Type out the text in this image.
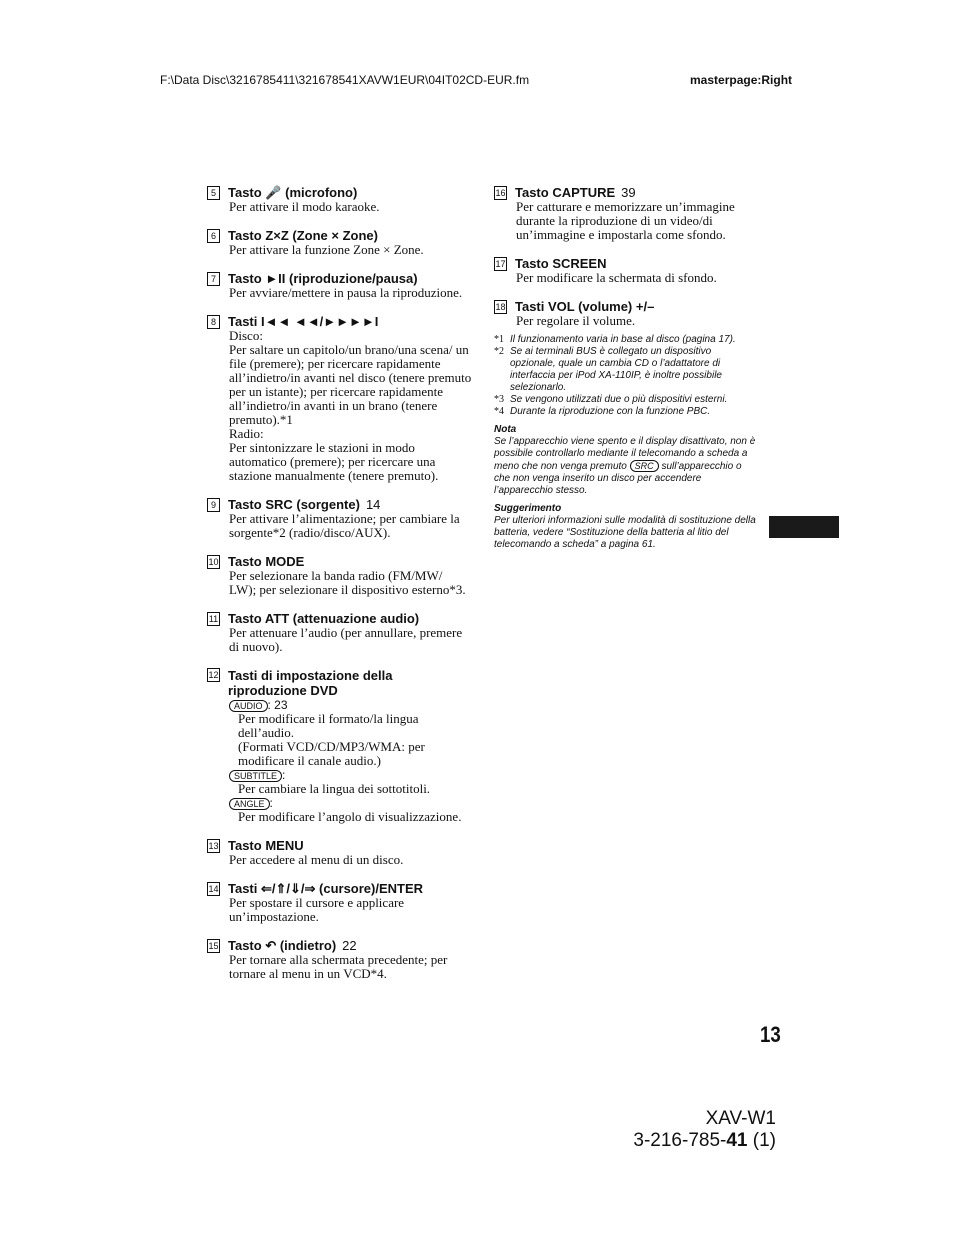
F:\Data Disc\3216785411\321678541XAVW1EUR\04IT02CD-EUR.fm	masterpage:Right
5 Tasto 🎤 (microfono)
Per attivare il modo karaoke.
6 Tasto Z×Z (Zone × Zone)
Per attivare la funzione Zone × Zone.
7 Tasto ►II (riproduzione/pausa)
Per avviare/mettere in pausa la riproduzione.
8 Tasti I◄◄ ◄◄/►►►►I
Disco:
Per saltare un capitolo/un brano/una scena/ un file (premere); per ricercare rapidamente all’indietro/in avanti nel disco (tenere premuto per un istante); per ricercare rapidamente all’indietro/in avanti in un brano (tenere premuto).*1
Radio:
Per sintonizzare le stazioni in modo automatico (premere); per ricercare una stazione manualmente (tenere premuto).
9 Tasto SRC (sorgente) 14
Per attivare l’alimentazione; per cambiare la sorgente*2 (radio/disco/AUX).
10 Tasto MODE
Per selezionare la banda radio (FM/MW/ LW); per selezionare il dispositivo esterno*3.
11 Tasto ATT (attenuazione audio)
Per attenuare l’audio (per annullare, premere di nuovo).
12 Tasti di impostazione della
riproduzione DVD
AUDIO : 23
Per modificare il formato/la lingua dell’audio.
(Formati VCD/CD/MP3/WMA: per modificare il canale audio.)
SUBTITLE :
Per cambiare la lingua dei sottotitoli.
ANGLE :
Per modificare l’angolo di visualizzazione.
13 Tasto MENU
Per accedere al menu di un disco.
14 Tasti ⇐/⇑/⇓/⇒ (cursore)/ENTER
Per spostare il cursore e applicare un’impostazione.
15 Tasto ↶ (indietro) 22
Per tornare alla schermata precedente; per tornare al menu in un VCD*4.
16 Tasto CAPTURE 39
Per catturare e memorizzare un’immagine durante la riproduzione di un video/di un’immagine e impostarla come sfondo.
17 Tasto SCREEN
Per modificare la schermata di sfondo.
18 Tasti VOL (volume) +/–
Per regolare il volume.
*1 Il funzionamento varia in base al disco (pagina 17).
*2 Se ai terminali BUS è collegato un dispositivo opzionale, quale un cambia CD o l’adattatore di interfaccia per iPod XA-110IP, è inoltre possibile selezionarlo.
*3 Se vengono utilizzati due o più dispositivi esterni.
*4 Durante la riproduzione con la funzione PBC.
Nota
Se l’apparecchio viene spento e il display disattivato, non è possibile controllarlo mediante il telecomando a scheda a meno che non venga premuto SRC sull’apparecchio o che non venga inserito un disco per accendere l’apparecchio stesso.
Suggerimento
Per ulteriori informazioni sulle modalità di sostituzione della batteria, vedere “Sostituzione della batteria al litio del telecomando a scheda” a pagina 61.
13
XAV-W1
3-216-785-41 (1)
